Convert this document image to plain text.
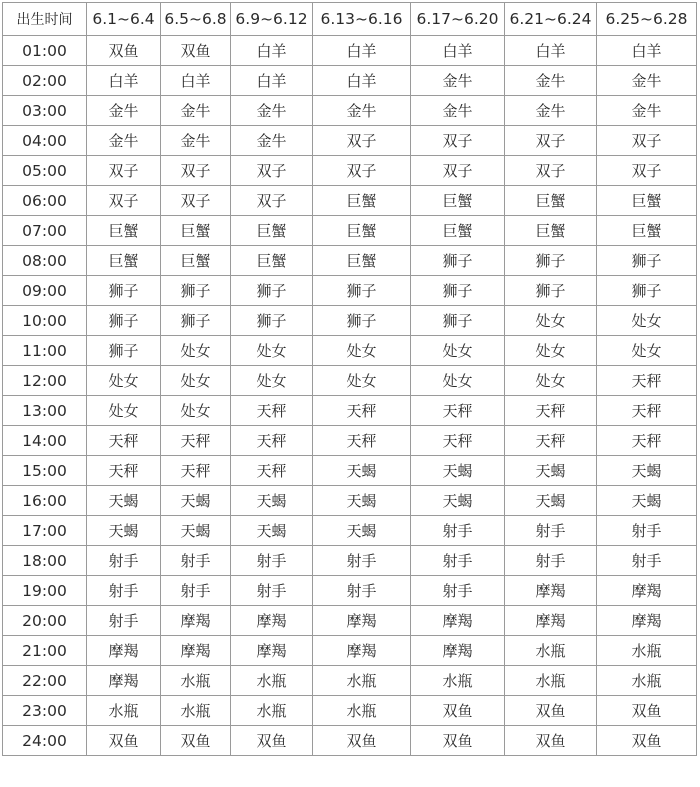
出生时间	6.1~6.4	6.5~6.8	6.9~6.12	6.13~6.16	6.17~6.20	6.21~6.24	6.25~6.28
01:00	双鱼	双鱼	白羊	白羊	白羊	白羊	白羊
02:00	白羊	白羊	白羊	白羊	金牛	金牛	金牛
03:00	金牛	金牛	金牛	金牛	金牛	金牛	金牛
04:00	金牛	金牛	金牛	双子	双子	双子	双子
05:00	双子	双子	双子	双子	双子	双子	双子
06:00	双子	双子	双子	巨蟹	巨蟹	巨蟹	巨蟹
07:00	巨蟹	巨蟹	巨蟹	巨蟹	巨蟹	巨蟹	巨蟹
08:00	巨蟹	巨蟹	巨蟹	巨蟹	狮子	狮子	狮子
09:00	狮子	狮子	狮子	狮子	狮子	狮子	狮子
10:00	狮子	狮子	狮子	狮子	狮子	处女	处女
11:00	狮子	处女	处女	处女	处女	处女	处女
12:00	处女	处女	处女	处女	处女	处女	天秤
13:00	处女	处女	天秤	天秤	天秤	天秤	天秤
14:00	天秤	天秤	天秤	天秤	天秤	天秤	天秤
15:00	天秤	天秤	天秤	天蝎	天蝎	天蝎	天蝎
16:00	天蝎	天蝎	天蝎	天蝎	天蝎	天蝎	天蝎
17:00	天蝎	天蝎	天蝎	天蝎	射手	射手	射手
18:00	射手	射手	射手	射手	射手	射手	射手
19:00	射手	射手	射手	射手	射手	摩羯	摩羯
20:00	射手	摩羯	摩羯	摩羯	摩羯	摩羯	摩羯
21:00	摩羯	摩羯	摩羯	摩羯	摩羯	水瓶	水瓶
22:00	摩羯	水瓶	水瓶	水瓶	水瓶	水瓶	水瓶
23:00	水瓶	水瓶	水瓶	水瓶	双鱼	双鱼	双鱼
24:00	双鱼	双鱼	双鱼	双鱼	双鱼	双鱼	双鱼
